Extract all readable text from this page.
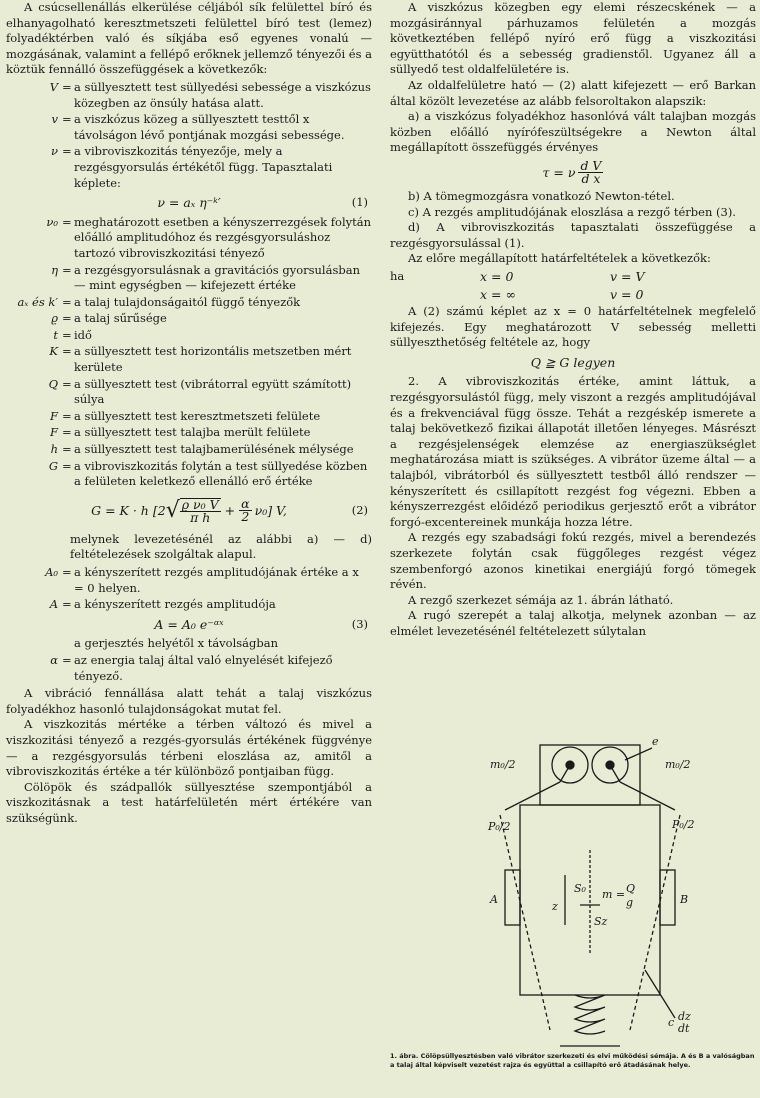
A csúcsellenállás elkerülése céljából sík felülettel bíró és elhanyagolható keresztmetszeti felülettel bíró test (lemez) folyadéktérben való és síkjába eső egyenes vonalú — mozgásának, valamint a fellépő erőknek jellemző tényezői és a köztük fennálló összefüggések a következők:

V = a süllyesztett test süllyedési sebessége a viszkózus közegben az önsúly hatása alatt.
v = a viszkózus közeg a süllyesztett testtől x távolságon lévő pontjának mozgási sebessége.
ν = a vibroviszkozitás tényezője, mely a rezgésgyorsulás értékétől függ. Tapasztalati képlete:
ν = aₓ η⁻ᵏ′	(1)
ν₀ = meghatározott esetben a kényszerrezgések folytán előálló amplitudóhoz és rezgésgyorsuláshoz tartozó vibroviszkozitási tényező
η = a rezgésgyorsulásnak a gravitációs gyorsulásban — mint egységben — kifejezett értéke
aₓ és k′ = a talaj tulajdonságaitól függő tényezők
ϱ = a talaj sűrűsége
t = idő
K = a süllyesztett test horizontális metszetben mért kerülete
Q = a süllyesztett test (vibrátorral együtt számított) súlya
F = a süllyesztett test keresztmetszeti felülete
F = a süllyesztett test talajba merült felülete
h = a süllyesztett test talajbamerülésének mélysége
G = a vibroviszkozitás folytán a test süllyedése közben a felületen keletkező ellenálló erő értéke
G = K · h [2 √ $\frac{\text{ϱ ν₀ V}}{\text{π h}} + \frac{\alpha}{2} \nu_0$] V,	(2)

melynek levezetésénél az alábbi a) — d) feltételezések szolgáltak alapul.

A₀ = a kényszerített rezgés amplitudójának értéke a x = 0 helyen.
A = a kényszerített rezgés amplitudója
A = A₀ e⁻ᵅˣ	(3)
a gerjesztés helyétől x távolságban
α = az energia talaj által való elnyelését kifejező tényező.

A vibráció fennállása alatt tehát a talaj viszkózus folyadékhoz hasonló tulajdonságokat mutat fel.

A viszkozitás mértéke a térben változó és mivel a viszkozitási tényező a rezgés-gyorsulás értékének függvénye — a rezgésgyorsulás térbeni eloszlása az, amitől a vibroviszkozitás értéke a tér különböző pontjaiban függ.

Cölöpök és szádpallók süllyesztése szempontjából a viszkozitásnak a test határfelületén mért értékére van szükségünk.

A viszkózus közegben egy elemi részecskének — a mozgásiránnyal párhuzamos felületén a mozgás következtében fellépő nyíró erő függ a viszkozitási együtthatótól és a sebesség gradienstől. Ugyanez áll a süllyedő test oldalfelületére is.

Az oldalfelületre ható — (2) alatt kifejezett — erő Barkan által közölt levezetése az alább felsoroltakon alapszik:

a) a viszkózus folyadékhoz hasonlóvá vált talajban mozgás közben előálló nyírófeszültségekre a Newton által megállapított összefüggés érvényes

τ = ν $\frac{\text{d V}}{\text{d x}}$

b) A tömegmozgásra vonatkozó Newton-tétel.

c) A rezgés amplitudójának eloszlása a rezgő térben (3).

d) A vibroviszkozitás tapasztalati összefüggése a rezgésgyorsulással (1).

Az előre megállapított határfeltételek a következők:

ha	x = 0	v = V
x = ∞	v = 0

A (2) számú képlet az x = 0 határfeltételnek megfelelő kifejezés. Egy meghatározott V sebesség melletti süllyeszthetőség feltétele az, hogy

Q ≧ G legyen

2. A vibroviszkozitás értéke, amint láttuk, a rezgésgyorsulástól függ, mely viszont a rezgés amplitudójával és a frekvenciával függ össze. Tehát a rezgéskép ismerete a talaj bekövetkező fizikai állapotát illetően lényeges. Másrészt a rezgésjelenségek elemzése az energiaszükséglet meghatározása miatt is szükséges. A vibrátor üzeme által — a talajból, vibrátorból és süllyesztett testből álló rendszer — kényszerített és csillapított rezgést fog végezni. Ebben a kényszerrezgést előidéző periodikus gerjesztő erőt a vibrátor forgó-excentereinek munkája hozza létre.

A rezgés egy szabadsági fokú rezgés, mivel a berendezés szerkezete folytán csak függőleges rezgést végez szembenforgó azonos kinetikai energiájú forgó tömegek révén.

A rezgő szerkezet sémája az 1. ábrán látható.

A rugó szerepét a talaj alkotja, melynek azonban — az elmélet levezetésénél feltételezett súlytalan

m₀/2	m₀/2
P₀/2	P₀/2
e
S₀ m = Q
g
z
Sz
A	B
dz
dt
c
1. ábra. Cölöpsüllyesztésben való vibrátor szerkezeti és elvi működési sémája. A és B a valóságban a talaj által képviselt vezetést rajza és együttal a csillapító erő átadásának helye.
